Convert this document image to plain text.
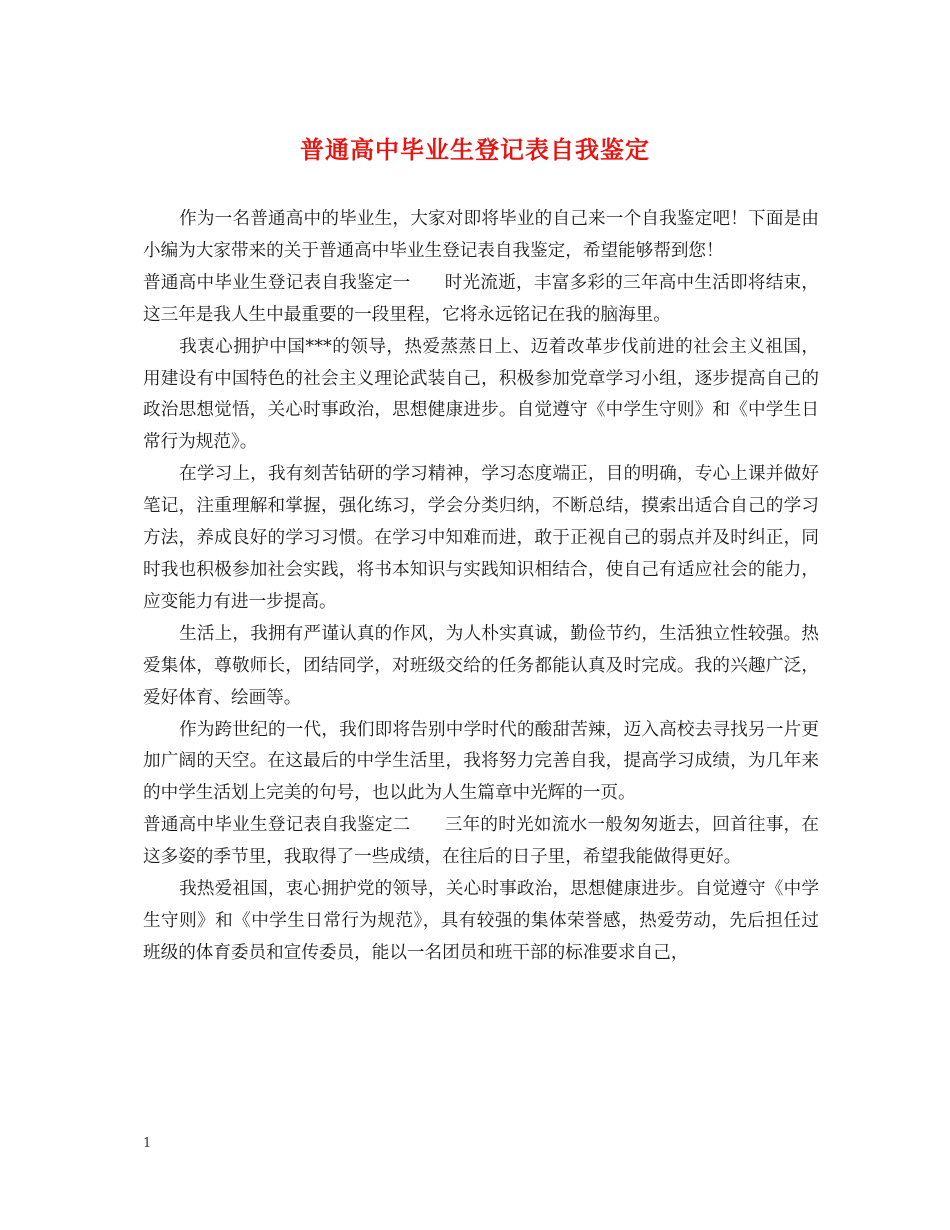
普通高中毕业生登记表自我鉴定

作为一名普通高中的毕业生，大家对即将毕业的自己来一个自我鉴定吧！下面是由小编为大家带来的关于普通高中毕业生登记表自我鉴定，希望能够帮到您！

普通高中毕业生登记表自我鉴定一 时光流逝，丰富多彩的三年高中生活即将结束，这三年是我人生中最重要的一段里程，它将永远铭记在我的脑海里。

我衷心拥护中国***的领导，热爱蒸蒸日上、迈着改革步伐前进的社会主义祖国，用建设有中国特色的社会主义理论武装自己，积极参加党章学习小组，逐步提高自己的政治思想觉悟，关心时事政治，思想健康进步。自觉遵守《中学生守则》和《中学生日常行为规范》。

在学习上，我有刻苦钻研的学习精神，学习态度端正，目的明确，专心上课并做好笔记，注重理解和掌握，强化练习，学会分类归纳，不断总结，摸索出适合自己的学习方法，养成良好的学习习惯。在学习中知难而进，敢于正视自己的弱点并及时纠正，同时我也积极参加社会实践，将书本知识与实践知识相结合，使自己有适应社会的能力，应变能力有进一步提高。

生活上，我拥有严谨认真的作风，为人朴实真诚，勤俭节约，生活独立性较强。热爱集体，尊敬师长，团结同学，对班级交给的任务都能认真及时完成。我的兴趣广泛，爱好体育、绘画等。

作为跨世纪的一代，我们即将告别中学时代的酸甜苦辣，迈入高校去寻找另一片更加广阔的天空。在这最后的中学生活里，我将努力完善自我，提高学习成绩，为几年来的中学生活划上完美的句号，也以此为人生篇章中光辉的一页。

普通高中毕业生登记表自我鉴定二 三年的时光如流水一般匆匆逝去，回首往事，在这多姿的季节里，我取得了一些成绩，在往后的日子里，希望我能做得更好。

我热爱祖国，衷心拥护党的领导，关心时事政治，思想健康进步。自觉遵守《中学生守则》和《中学生日常行为规范》，具有较强的集体荣誉感，热爱劳动，先后担任过班级的体育委员和宣传委员，能以一名团员和班干部的标准要求自己，

1
